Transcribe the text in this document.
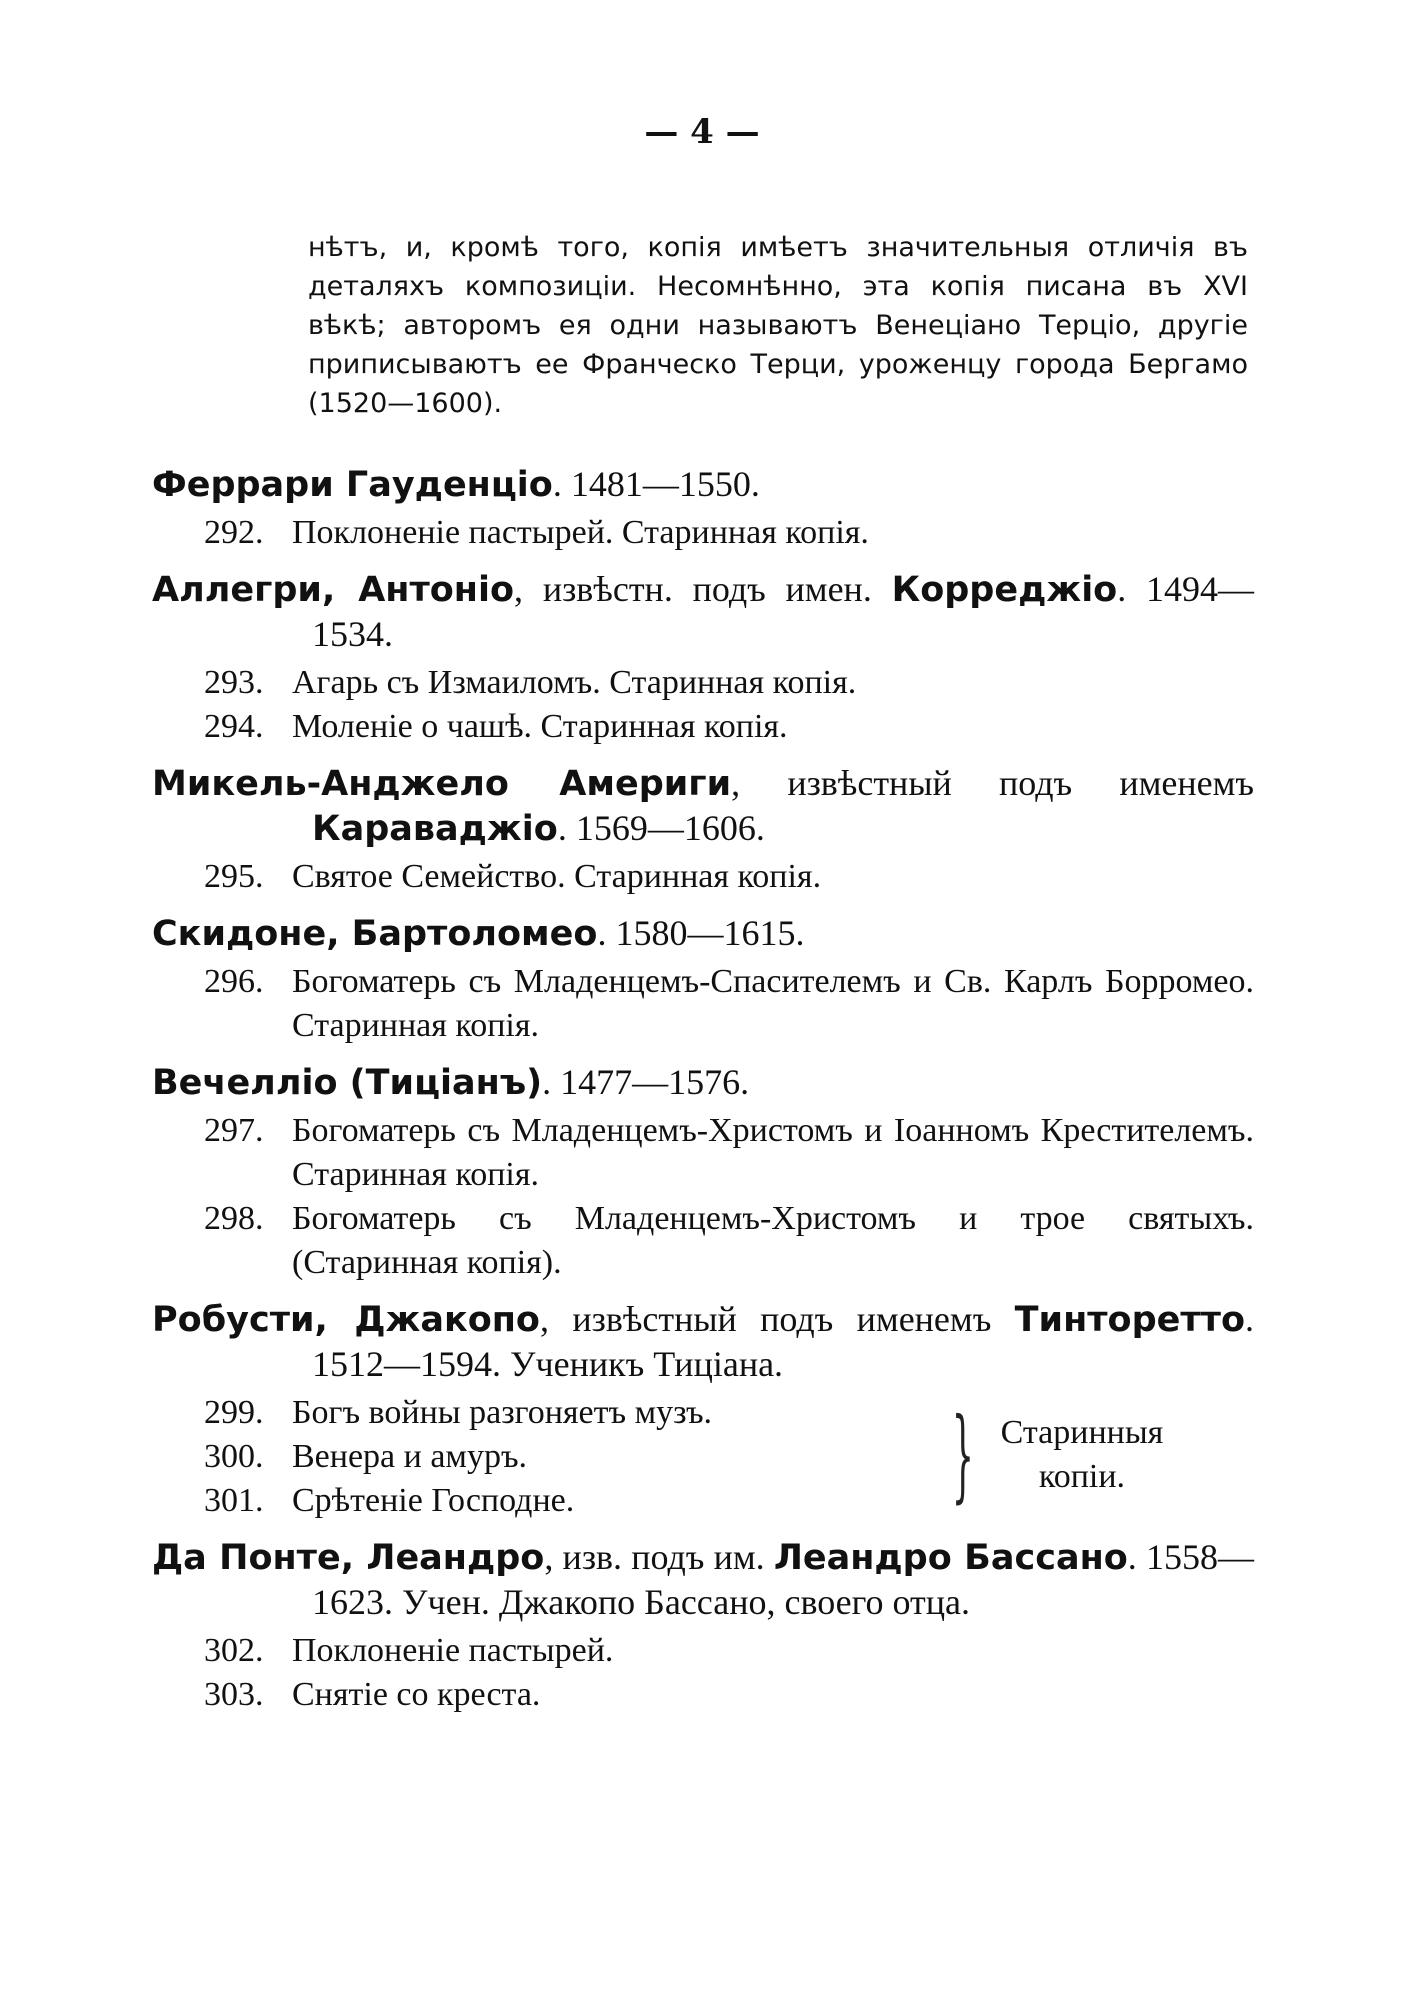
— 4 —

нѣтъ, и, кромѣ того, копія имѣетъ значительныя отличія въ деталяхъ композиціи. Несомнѣнно, эта копія писана въ XVI вѣкѣ; авторомъ ея одни называютъ Венеціано Терціо, другіе приписываютъ ее Франческо Терци, уроженцу города Бергамо (1520—1600).

Феррари Гауденціо. 1481—1550.
292. Поклоненіе пастырей. Старинная копія.
Аллегри, Антоніо, извѣстн. подъ имен. Корреджіо. 1494—1534.
293. Агарь съ Измаиломъ. Старинная копія.
294. Моленіе о чашѣ. Старинная копія.
Микель-Анджело Америги, извѣстный подъ именемъ Караваджіо. 1569—1606.
295. Святое Семейство. Старинная копія.
Скидоне, Бартоломео. 1580—1615.
296. Богоматерь съ Младенцемъ-Спасителемъ и Св. Карлъ Борромео. Старинная копія.
Вечелліо (Тиціанъ). 1477—1576.
297. Богоматерь съ Младенцемъ-Христомъ и Іоанномъ Крестителемъ. Старинная копія.
298. Богоматерь съ Младенцемъ-Христомъ и трое святыхъ. (Старинная копія).
Робусти, Джакопо, извѣстный подъ именемъ Тинторетто. 1512—1594. Ученикъ Тиціана.
299. Богъ войны разгоняетъ музъ.
300. Венера и амуръ.
301. Срѣтеніе Господне.	} Старинныя копіи.
Да Понте, Леандро, изв. подъ им. Леандро Бассано. 1558—1623. Учен. Джакопо Бассано, своего отца.
302. Поклоненіе пастырей.
303. Снятіе со креста.
